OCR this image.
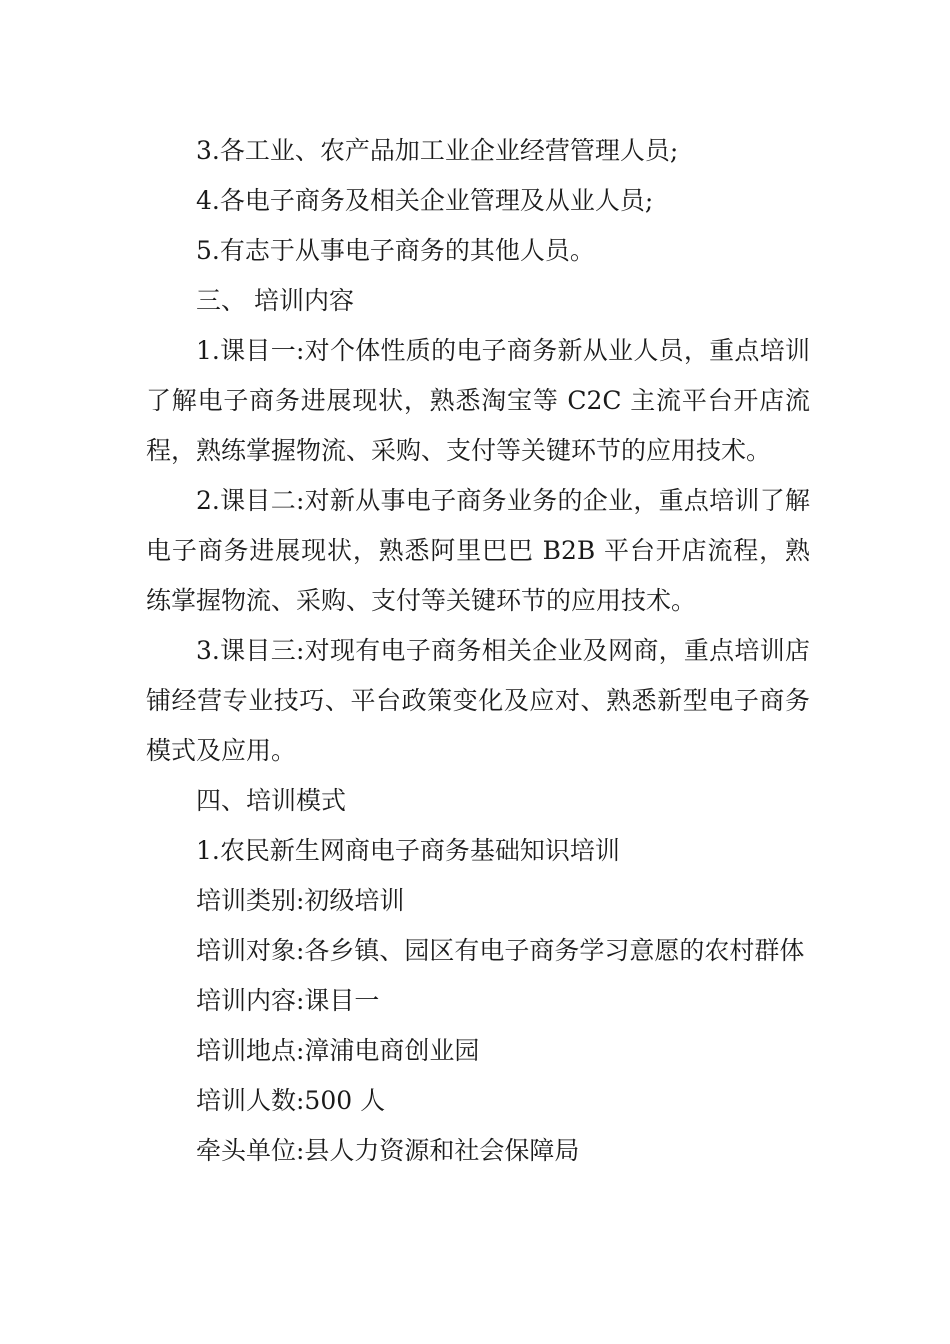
3.各工业、农产品加工业企业经营管理人员;

4.各电子商务及相关企业管理及从业人员;

5.有志于从事电子商务的其他人员。

三、 培训内容

1.课目一:对个体性质的电子商务新从业人员，重点培训了解电子商务进展现状，熟悉淘宝等 C2C 主流平台开店流程，熟练掌握物流、采购、支付等关键环节的应用技术。

2.课目二:对新从事电子商务业务的企业，重点培训了解电子商务进展现状，熟悉阿里巴巴 B2B 平台开店流程，熟练掌握物流、采购、支付等关键环节的应用技术。

3.课目三:对现有电子商务相关企业及网商，重点培训店铺经营专业技巧、平台政策变化及应对、熟悉新型电子商务模式及应用。

四、培训模式

1.农民新生网商电子商务基础知识培训

培训类别:初级培训

培训对象:各乡镇、园区有电子商务学习意愿的农村群体

培训内容:课目一

培训地点:漳浦电商创业园

培训人数:500 人

牵头单位:县人力资源和社会保障局
